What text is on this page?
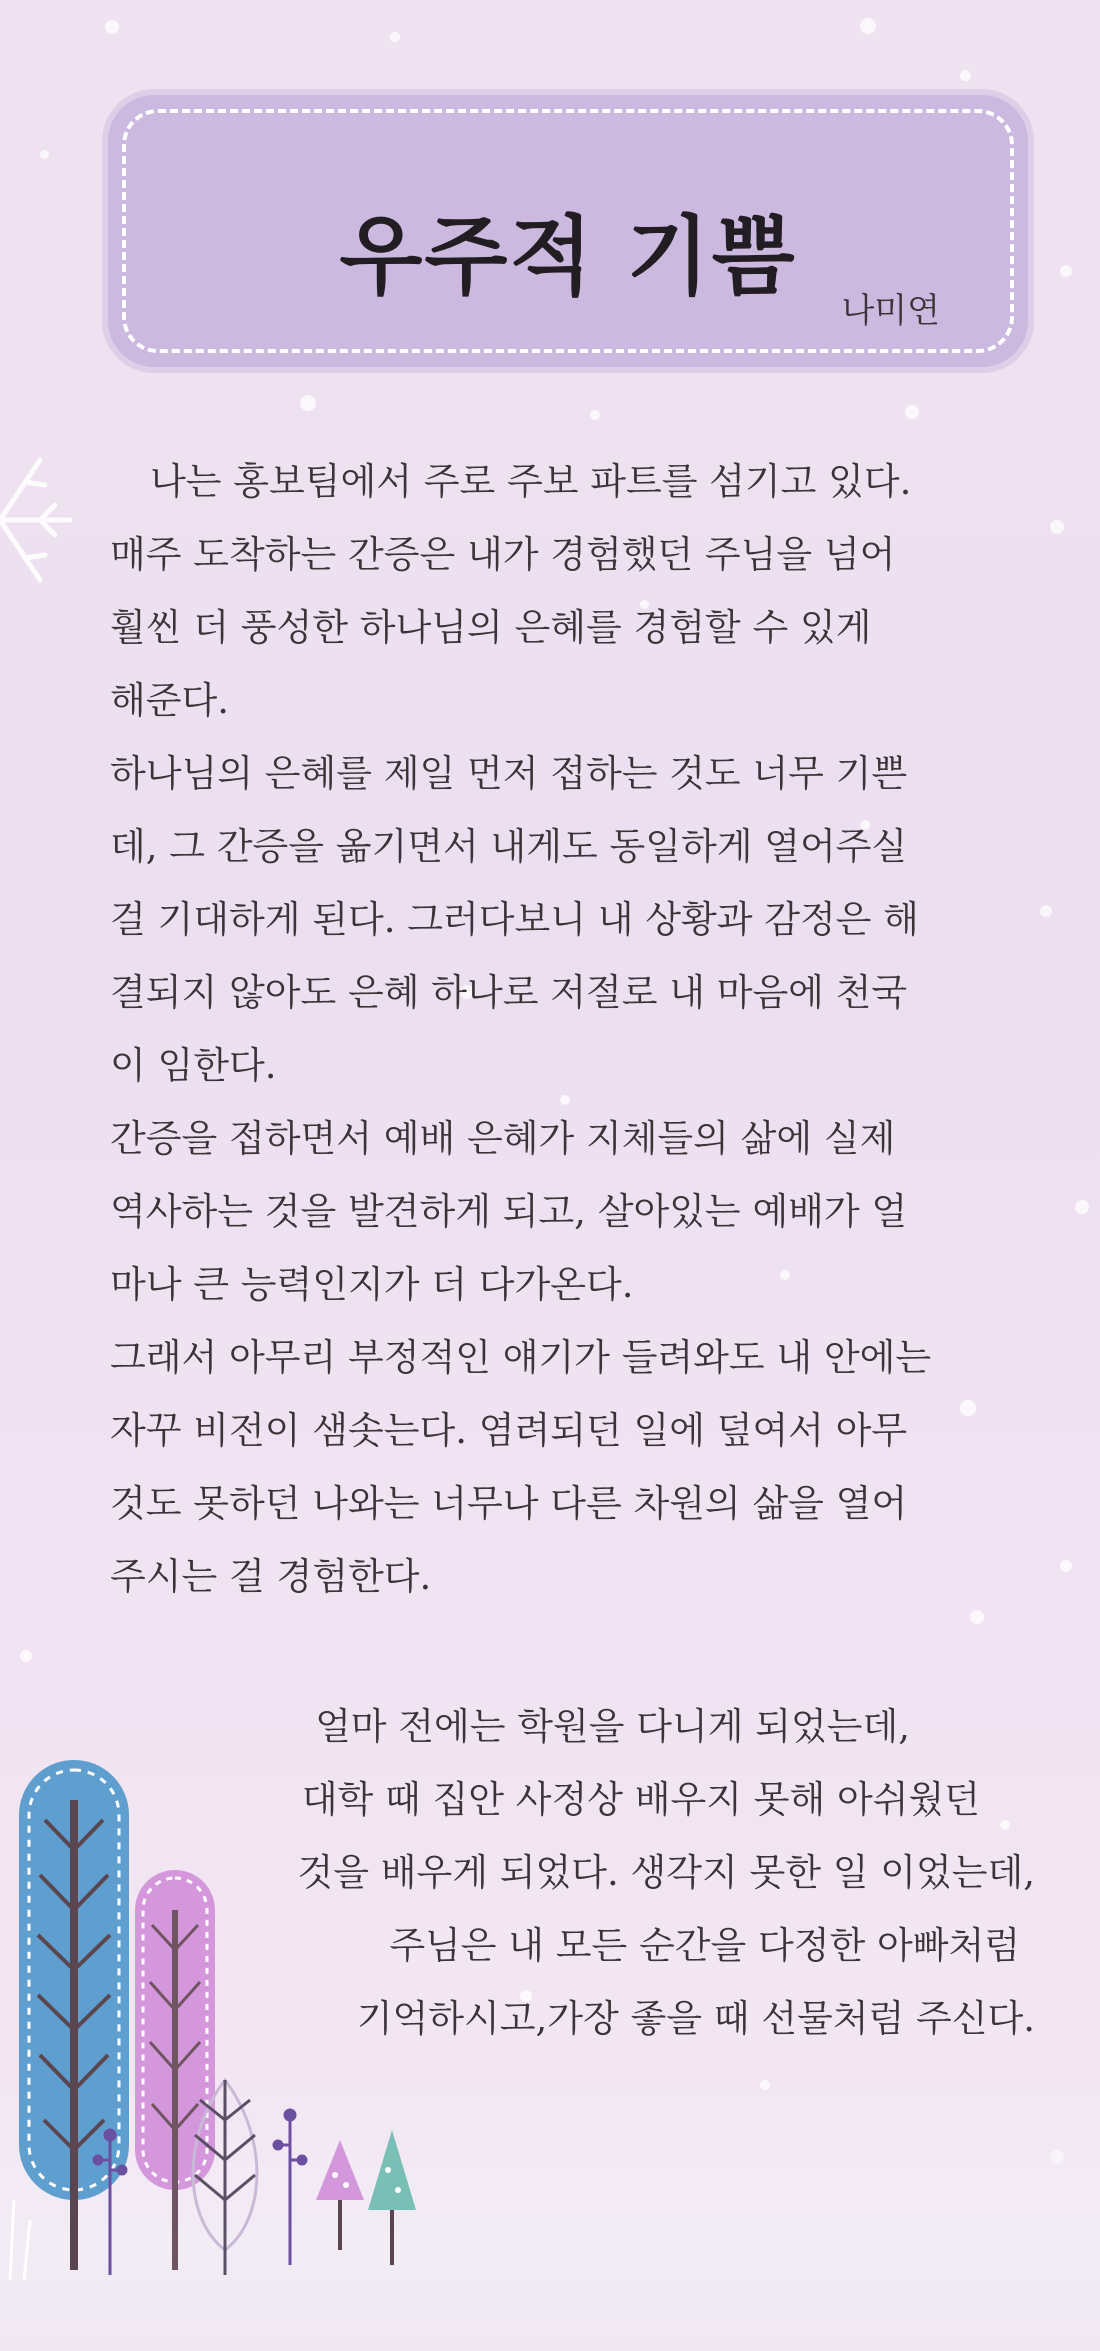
우주적 기쁨
나미연
나는 홍보팀에서 주로 주보 파트를 섬기고 있다.
매주 도착하는 간증은 내가 경험했던 주님을 넘어
훨씬 더 풍성한 하나님의 은혜를 경험할 수 있게
해준다.
하나님의 은혜를 제일 먼저 접하는 것도 너무 기쁜
데, 그 간증을 옮기면서 내게도 동일하게 열어주실
걸 기대하게 된다. 그러다보니 내 상황과 감정은 해
결되지 않아도 은혜 하나로 저절로 내 마음에 천국
이 임한다.
간증을 접하면서 예배 은혜가 지체들의 삶에 실제
역사하는 것을 발견하게 되고, 살아있는 예배가 얼
마나 큰 능력인지가 더 다가온다.
그래서 아무리 부정적인 얘기가 들려와도 내 안에는
자꾸 비전이 샘솟는다. 염려되던 일에 덮여서 아무
것도 못하던 나와는 너무나 다른 차원의 삶을 열어
주시는 걸 경험한다.
얼마 전에는 학원을 다니게 되었는데,
대학 때 집안 사정상 배우지 못해 아쉬웠던
것을 배우게 되었다. 생각지 못한 일 이었는데,
주님은 내 모든 순간을 다정한 아빠처럼
기억하시고,가장 좋을 때 선물처럼 주신다.
